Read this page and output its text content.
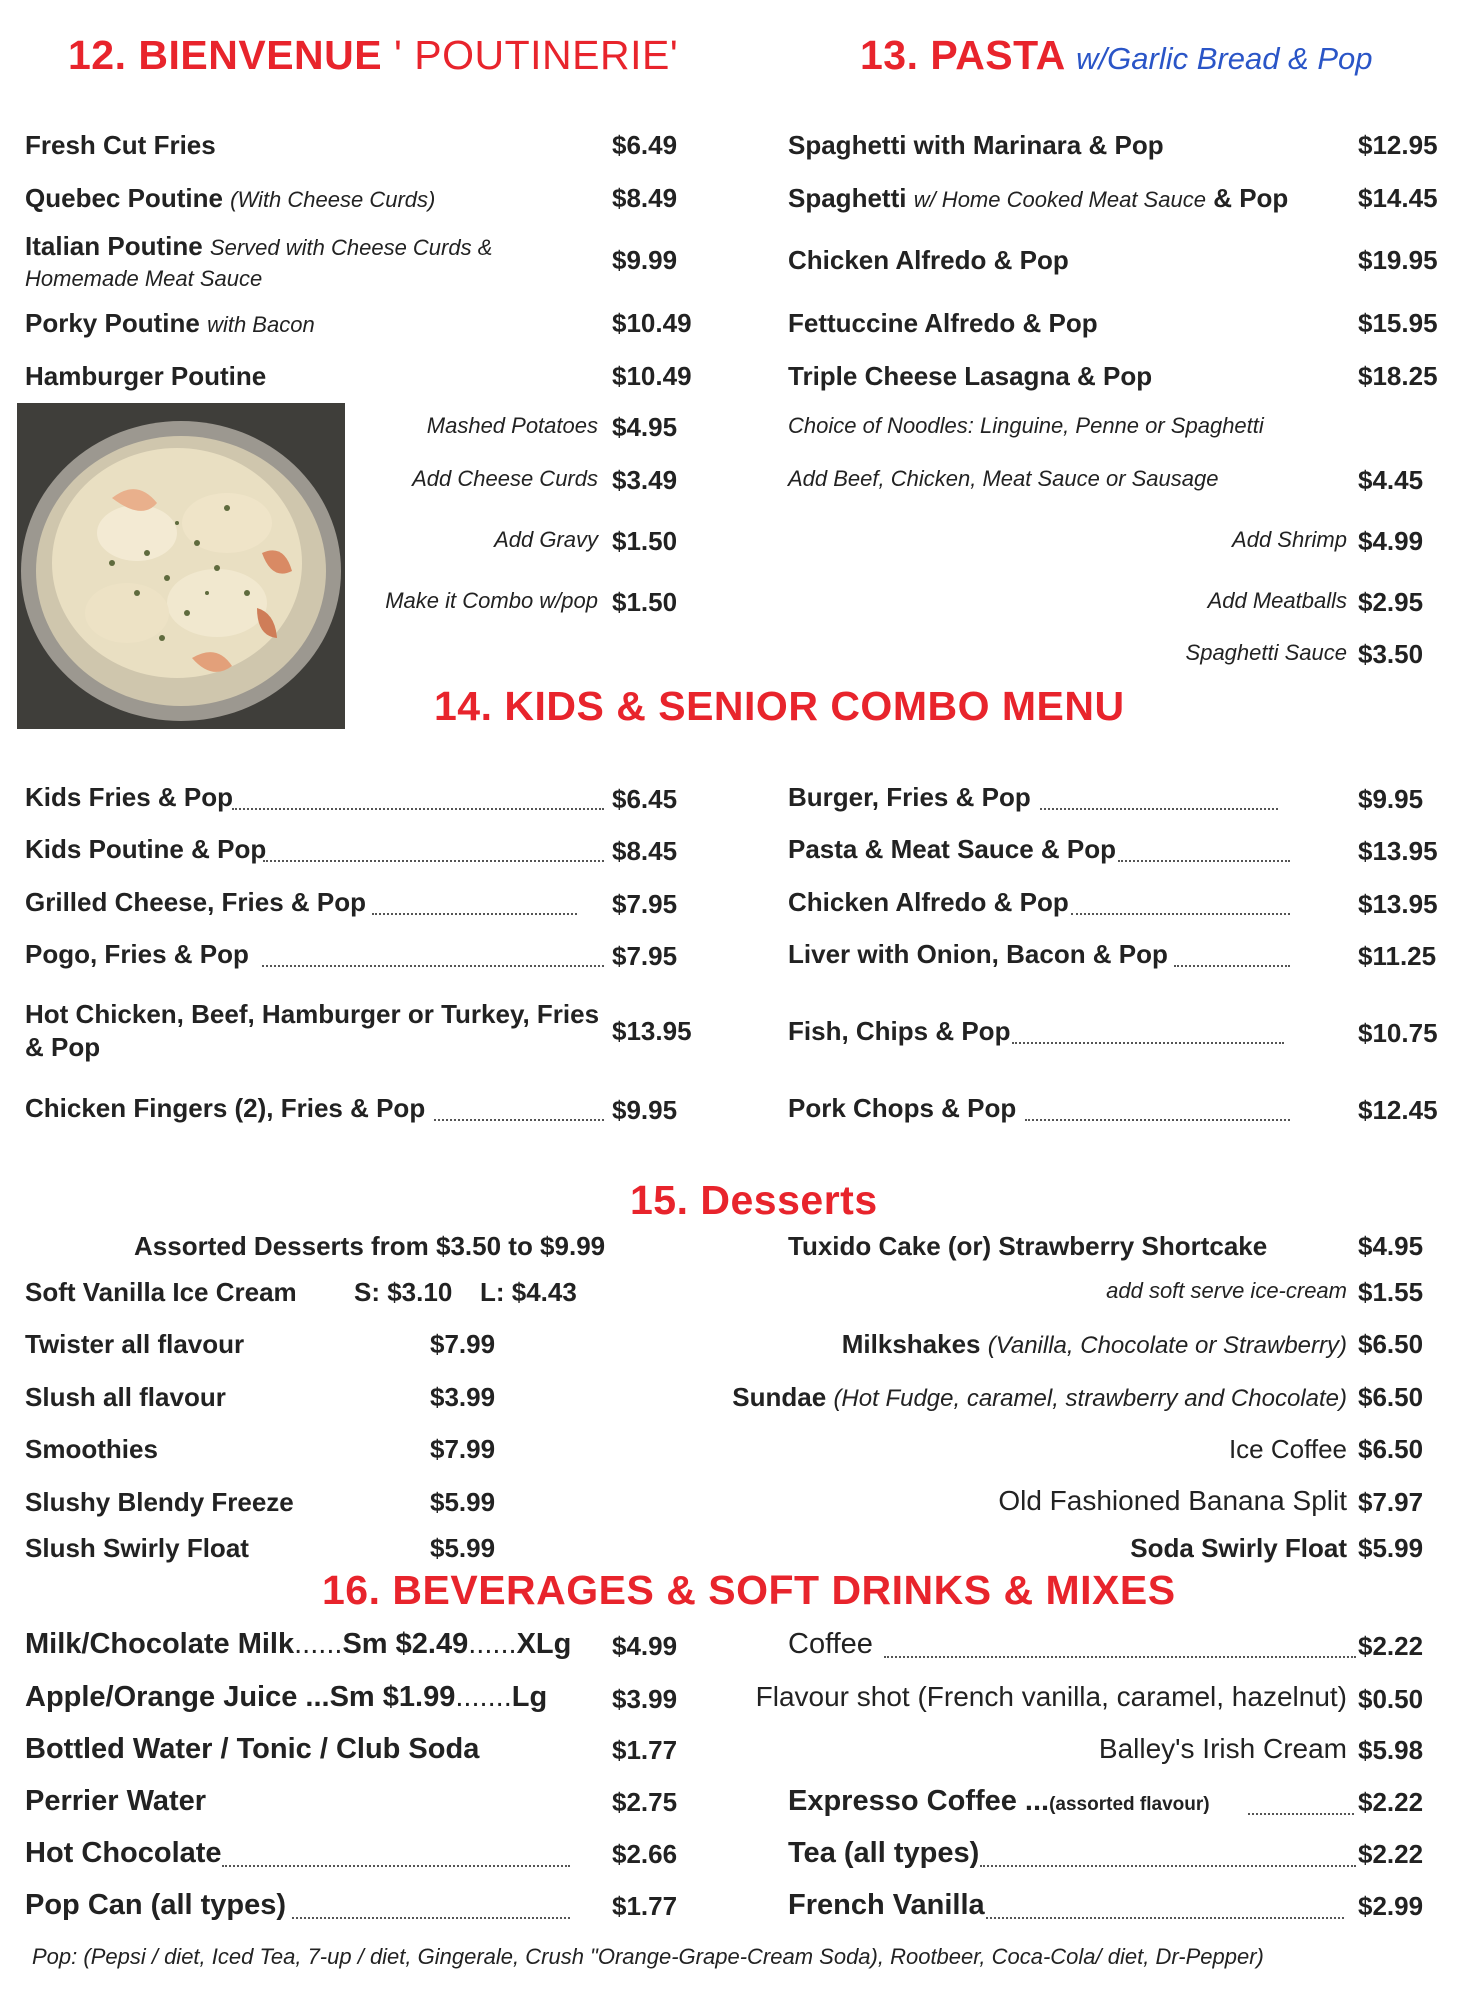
12. BIENVENUE ' POUTINERIE'
Fresh Cut Fries	$6.49
Quebec Poutine (With Cheese Curds)	$8.49
Italian Poutine Served with Cheese Curds &
Homemade Meat Sauce
$9.99
Porky Poutine with Bacon	$10.49
Hamburger Poutine	$10.49
Mashed Potatoes $4.95
Add Cheese Curds $3.49
Add Gravy $1.50
Make it Combo w/pop $1.50
13. PASTA w/Garlic Bread & Pop
Spaghetti with Marinara & Pop	$12.95
Spaghetti w/ Home Cooked Meat Sauce & Pop	$14.45
Chicken Alfredo & Pop	$19.95
Fettuccine Alfredo & Pop	$15.95
Triple Cheese Lasagna & Pop	$18.25
Choice of Noodles: Linguine, Penne or Spaghetti
Add Beef, Chicken, Meat Sauce or Sausage	$4.45
Add Shrimp $4.99
Add Meatballs $2.95
Spaghetti Sauce $3.50
14. KIDS & SENIOR COMBO MENU
Kids Fries & Pop	$6.45
Kids Poutine & Pop	$8.45
Grilled Cheese, Fries & Pop	$7.95
Pogo, Fries & Pop	$7.95
Hot Chicken, Beef, Hamburger or Turkey, Fries
& Pop
$13.95
Chicken Fingers (2), Fries & Pop	$9.95
Burger, Fries & Pop	$9.95
Pasta & Meat Sauce & Pop	$13.95
Chicken Alfredo & Pop	$13.95
Liver with Onion, Bacon & Pop	$11.25
Fish, Chips & Pop	$10.75
Pork Chops & Pop	$12.45
15. Desserts
Assorted Desserts from $3.50 to $9.99
Soft Vanilla Ice Cream S: $3.10 L: $4.43
Twister all flavour	$7.99
Slush all flavour	$3.99
Smoothies	$7.99
Slushy Blendy Freeze	$5.99
Slush Swirly Float	$5.99
Tuxido Cake (or) Strawberry Shortcake	$4.95
add soft serve ice-cream $1.55
Milkshakes (Vanilla, Chocolate or Strawberry) $6.50
Sundae (Hot Fudge, caramel, strawberry and Chocolate) $6.50
Ice Coffee $6.50
Old Fashioned Banana Split $7.97
Soda Swirly Float $5.99
16. BEVERAGES & SOFT DRINKS & MIXES
Milk/Chocolate Milk......Sm $2.49......XLg $4.99
Apple/Orange Juice ...Sm $1.99.......Lg $3.99
Bottled Water / Tonic / Club Soda	$1.77
Perrier Water	$2.75
Hot Chocolate	$2.66
Pop Can (all types)	$1.77
Coffee	$2.22
Flavour shot (French vanilla, caramel, hazelnut) $0.50
Balley's Irish Cream $5.98
Expresso Coffee ...(assorted flavour)	$2.22
Tea (all types)	$2.22
French Vanilla	$2.99
Pop: (Pepsi / diet, Iced Tea, 7-up / diet, Gingerale, Crush "Orange-Grape-Cream Soda), Rootbeer, Coca-Cola/ diet, Dr-Pepper)
